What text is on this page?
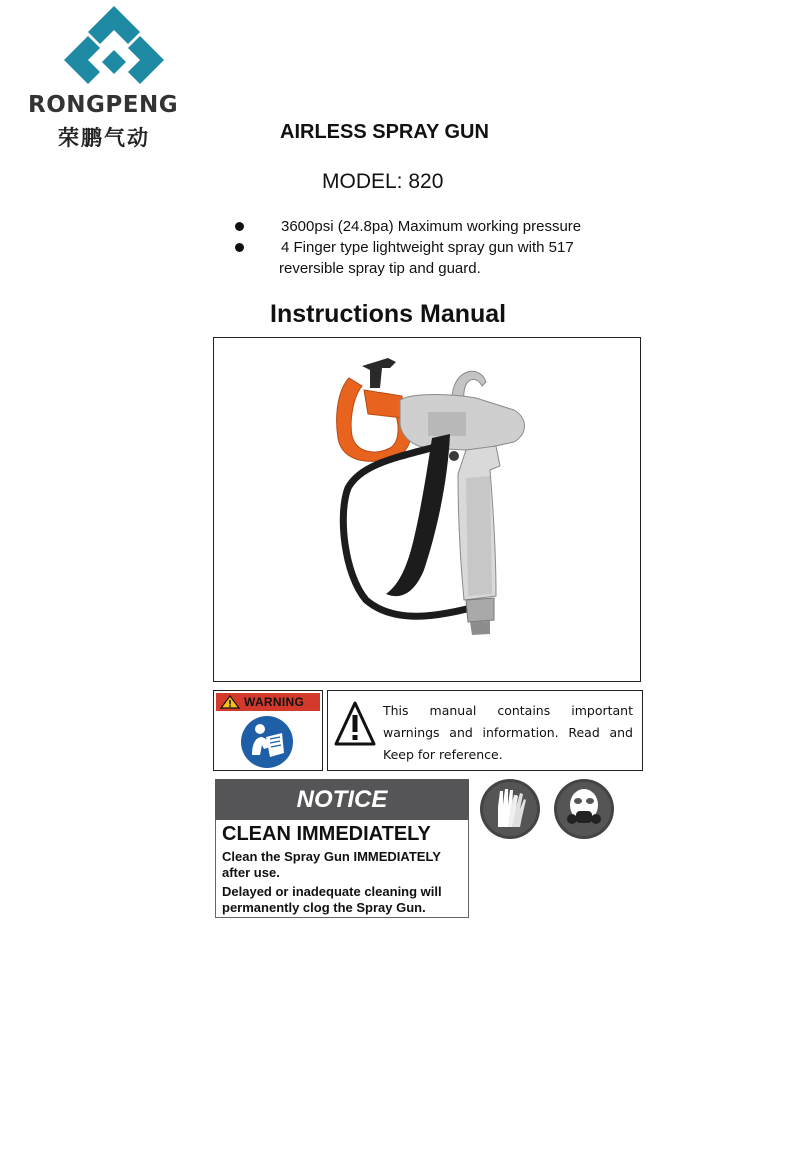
RONGPENG
荣鹏气动	AIRLESS SPRAY GUN
MODEL: 820
3600psi (24.8pa) Maximum working pressure
4 Finger type lightweight spray gun with 517
reversible spray tip and guard.
Instructions Manual
WARNING
This manual contains important warnings and information. Read and Keep for reference.
NOTICE
CLEAN IMMEDIATELY
Clean the Spray Gun IMMEDIATELY after use.
Delayed or inadequate cleaning will permanently clog the Spray Gun.
